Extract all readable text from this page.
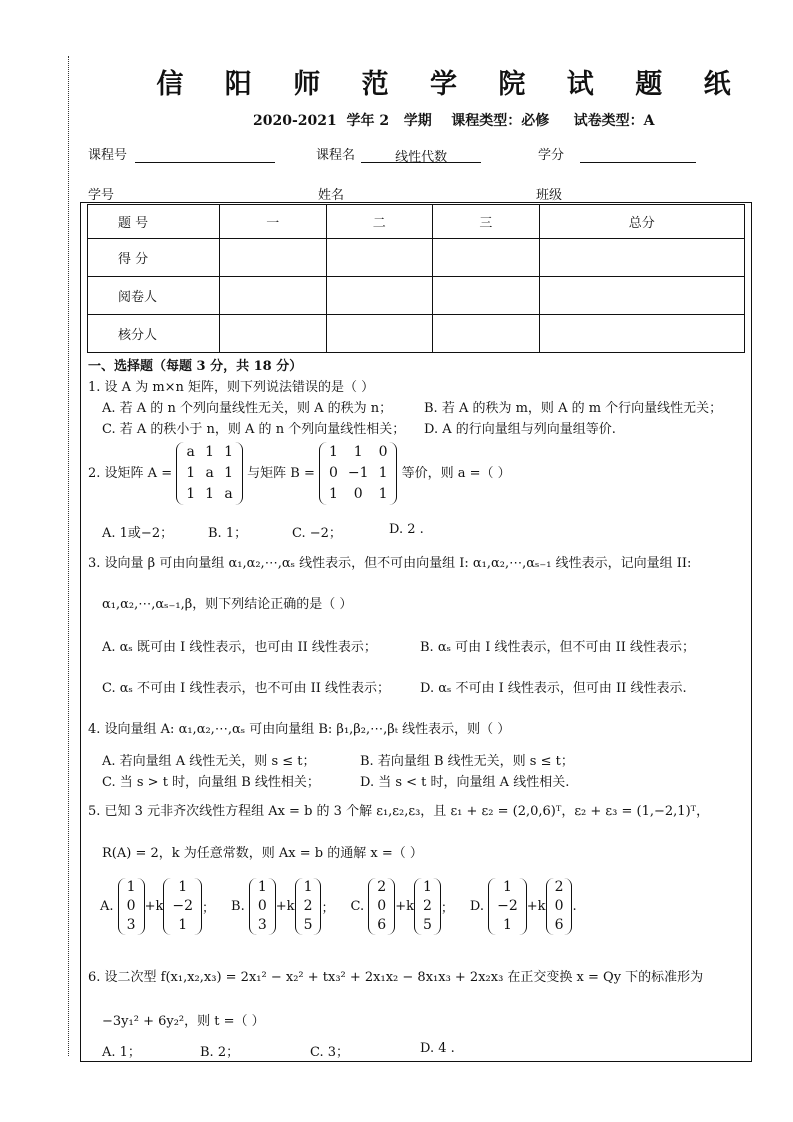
信 阳 师 范 学 院 试 题 纸
2020-2021  学年 2   学期    课程类型：必修     试卷类型：A
课程号	课程名	线性代数	学分
学号	姓名	班级
题 号	一	二	三	总分
得 分				
阅卷人				
核分人				
一、选择题（每题 3 分，共 18 分）
1. 设 A 为 m×n 矩阵，则下列说法错误的是（ ）
A. 若 A 的 n 个列向量线性无关，则 A 的秩为 n； B. 若 A 的秩为 m，则 A 的 m 个行向量线性无关；
C. 若 A 的秩小于 n，则 A 的 n 个列向量线性相关； D. A 的行向量组与列向量组等价.
2. 设矩阵 A =
a	1	1
1	a	1
1	1	a
与矩阵 B =
1	1	0
0	−1	1
1	0	1
等价，则 a =（ ）
A. 1或−2；	B. 1；	C. −2；	D. 2 .
3. 设向量 β 可由向量组 α₁,α₂,⋯,αₛ 线性表示，但不可由向量组 I: α₁,α₂,⋯,αₛ₋₁ 线性表示，记向量组 II:
α₁,α₂,⋯,αₛ₋₁,β，则下列结论正确的是（ ）
A. αₛ 既可由 I 线性表示，也可由 II 线性表示；	B. αₛ 可由 I 线性表示，但不可由 II 线性表示；
C. αₛ 不可由 I 线性表示，也不可由 II 线性表示； D. αₛ 不可由 I 线性表示，但可由 II 线性表示.
4. 设向量组 A: α₁,α₂,⋯,αₛ 可由向量组 B: β₁,β₂,⋯,βₜ 线性表示，则（ ）
A. 若向量组 A 线性无关，则 s ≤ t；	B. 若向量组 B 线性无关，则 s ≤ t；
C. 当 s > t 时，向量组 B 线性相关；	D. 当 s < t 时，向量组 A 线性相关.
5. 已知 3 元非齐次线性方程组 Ax = b 的 3 个解 ε₁,ε₂,ε₃，且 ε₁ + ε₂ = (2,0,6)ᵀ，ε₂ + ε₃ = (1,−2,1)ᵀ，
R(A) = 2，k 为任意常数，则 Ax = b 的通解 x =（ ）
A.

1
0
3
+k
1
−2
1
； B.

1
0
3
+k
1
2
5
； C.

2
0
6
+k
1
2
5
； D.

1
−2
1
+k
2
0
6
.
6. 设二次型 f(x₁,x₂,x₃) = 2x₁² − x₂² + tx₃² + 2x₁x₂ − 8x₁x₃ + 2x₂x₃ 在正交变换 x = Qy 下的标准形为
−3y₁² + 6y₂²，则 t =（ ）
A. 1；	B. 2；	C. 3；	D. 4 .
